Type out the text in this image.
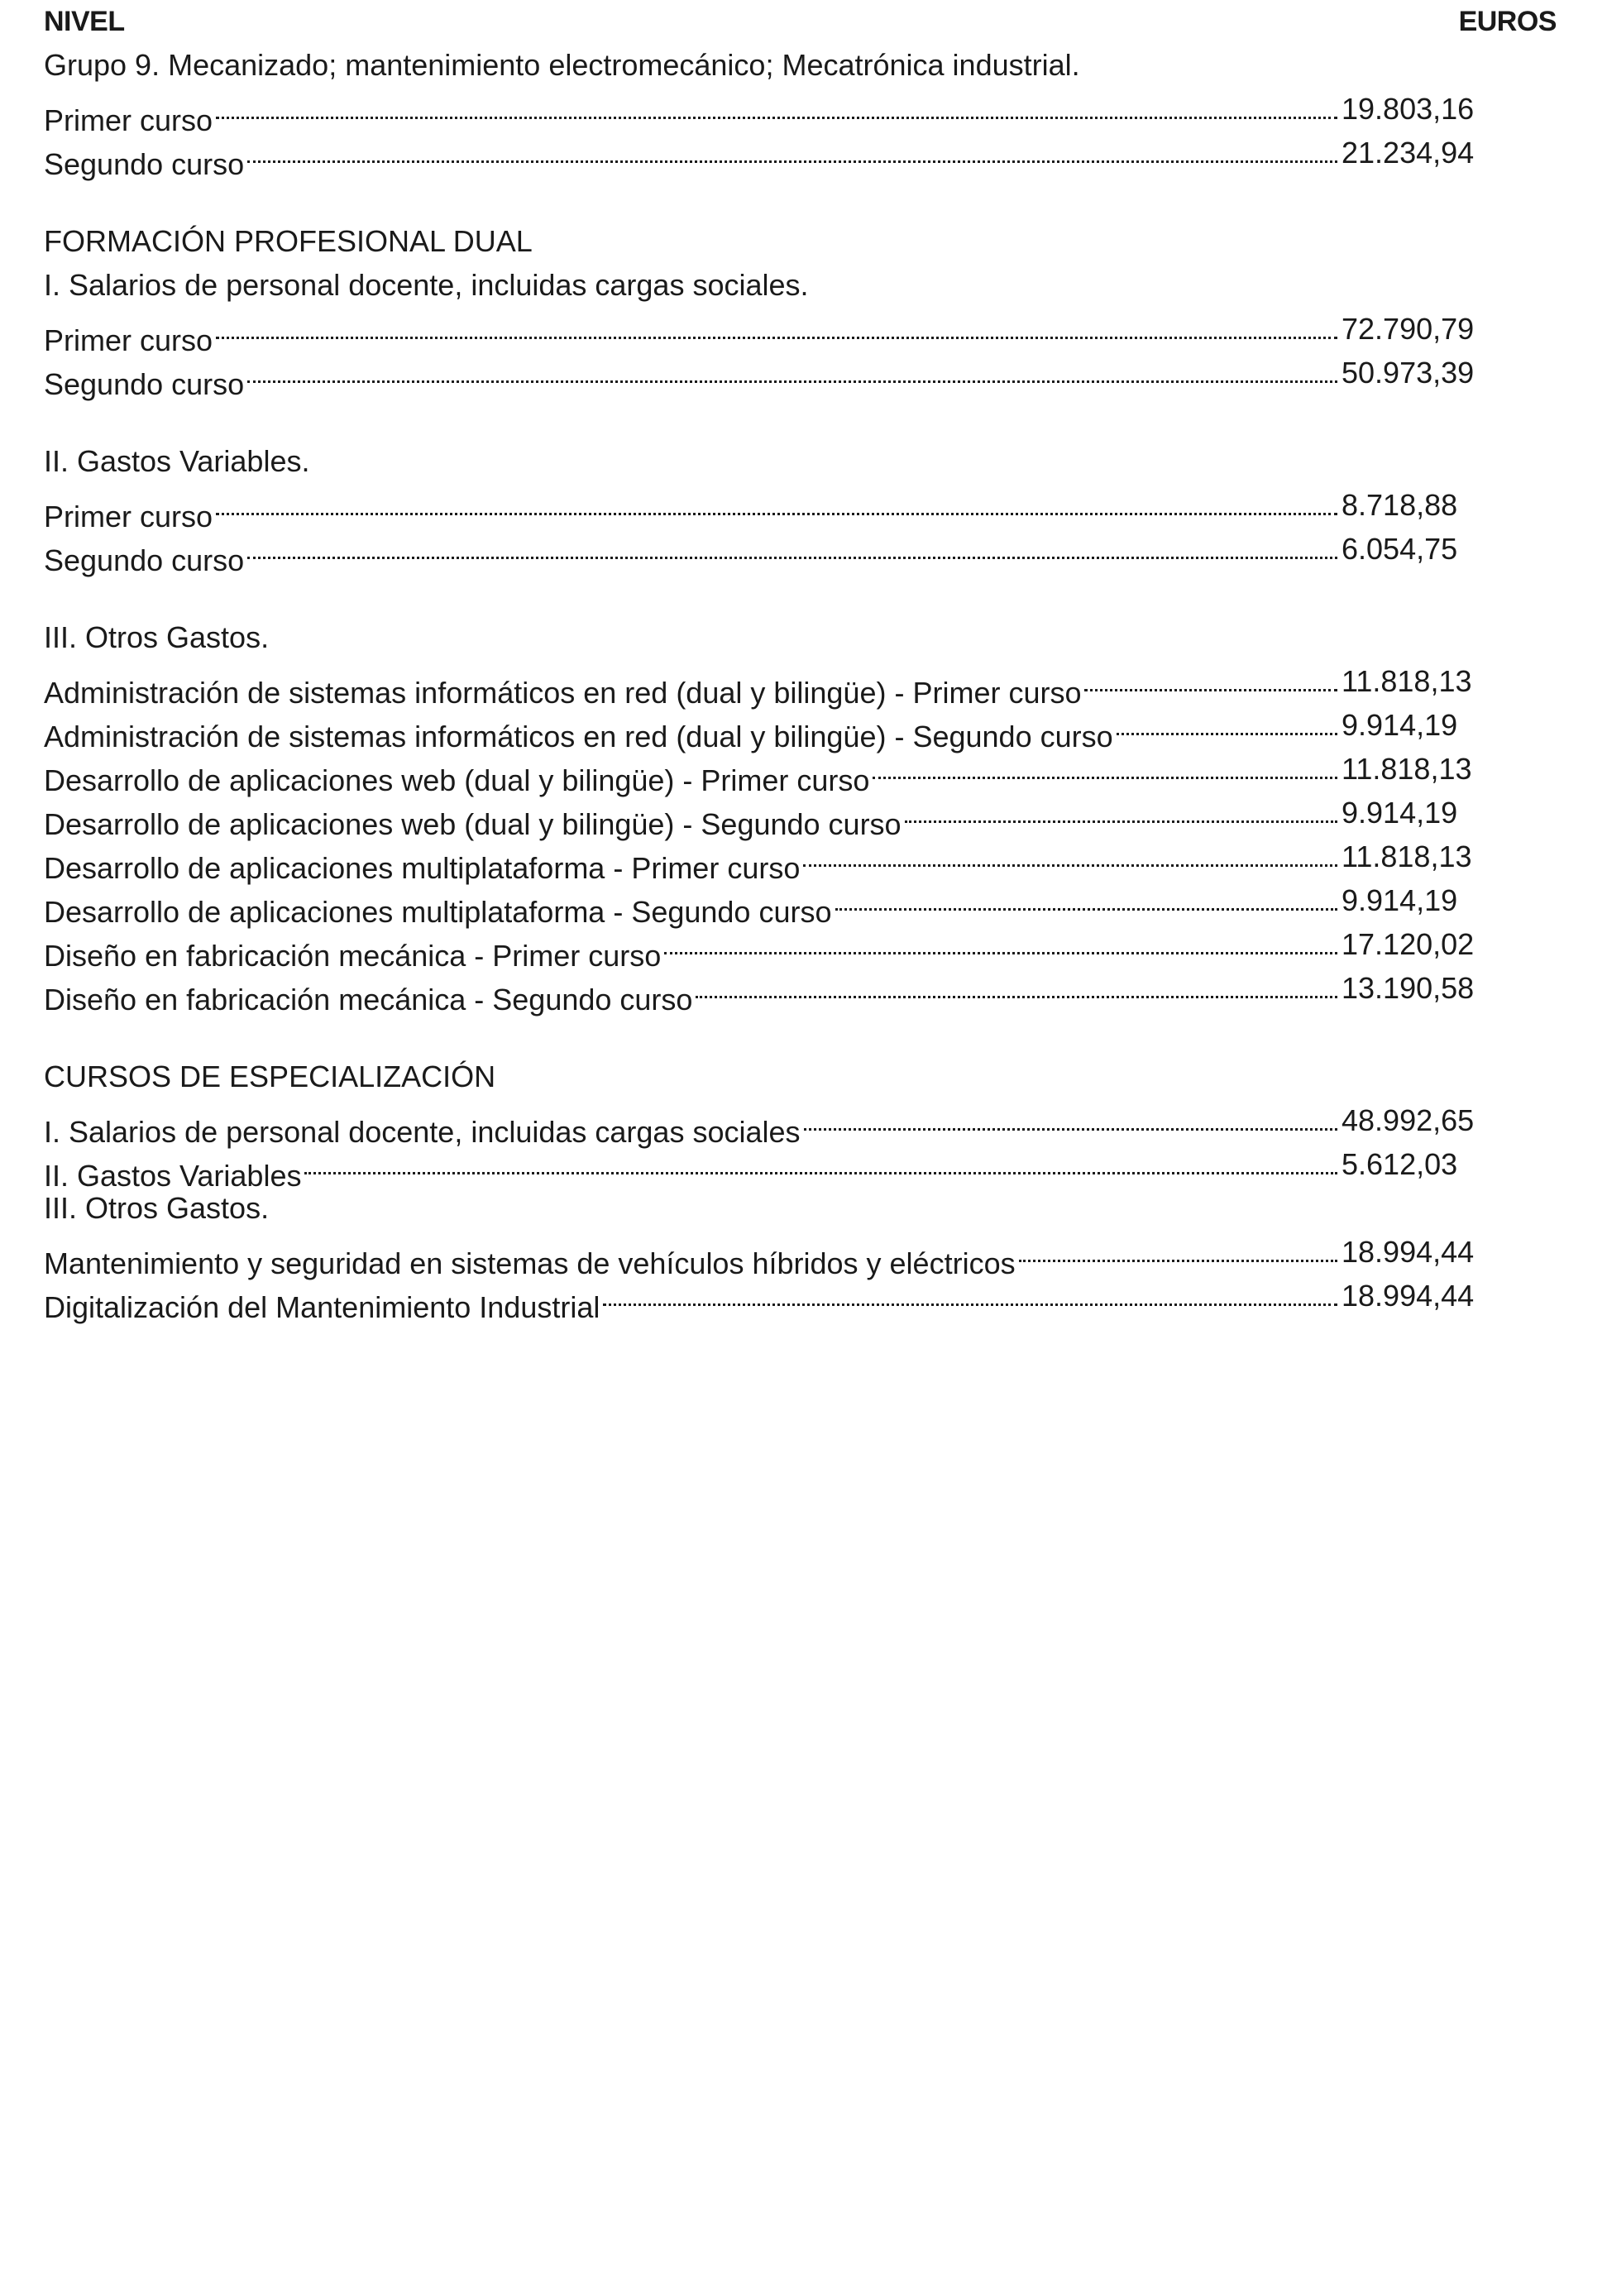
NIVEL	EUROS
Grupo 9. Mecanizado; mantenimiento electromecánico; Mecatrónica industrial.
Primer curso	19.803,16
Segundo curso	21.234,94
FORMACIÓN PROFESIONAL DUAL
I. Salarios de personal docente, incluidas cargas sociales.
Primer curso	72.790,79
Segundo curso	50.973,39
II. Gastos Variables.
Primer curso	8.718,88
Segundo curso	6.054,75
III. Otros Gastos.
Administración de sistemas informáticos en red (dual y bilingüe) - Primer curso	11.818,13
Administración de sistemas informáticos en red (dual y bilingüe) - Segundo curso	9.914,19
Desarrollo de aplicaciones web (dual y bilingüe) - Primer curso	11.818,13
Desarrollo de aplicaciones web (dual y bilingüe) - Segundo curso	9.914,19
Desarrollo de aplicaciones multiplataforma - Primer curso	11.818,13
Desarrollo de aplicaciones multiplataforma - Segundo curso	9.914,19
Diseño en fabricación mecánica - Primer curso	17.120,02
Diseño en fabricación mecánica - Segundo curso	13.190,58
CURSOS DE ESPECIALIZACIÓN
I. Salarios de personal docente, incluidas cargas sociales	48.992,65
II. Gastos Variables	5.612,03
III. Otros Gastos.
Mantenimiento y seguridad en sistemas de vehículos híbridos y eléctricos	18.994,44
Digitalización del Mantenimiento Industrial	18.994,44
